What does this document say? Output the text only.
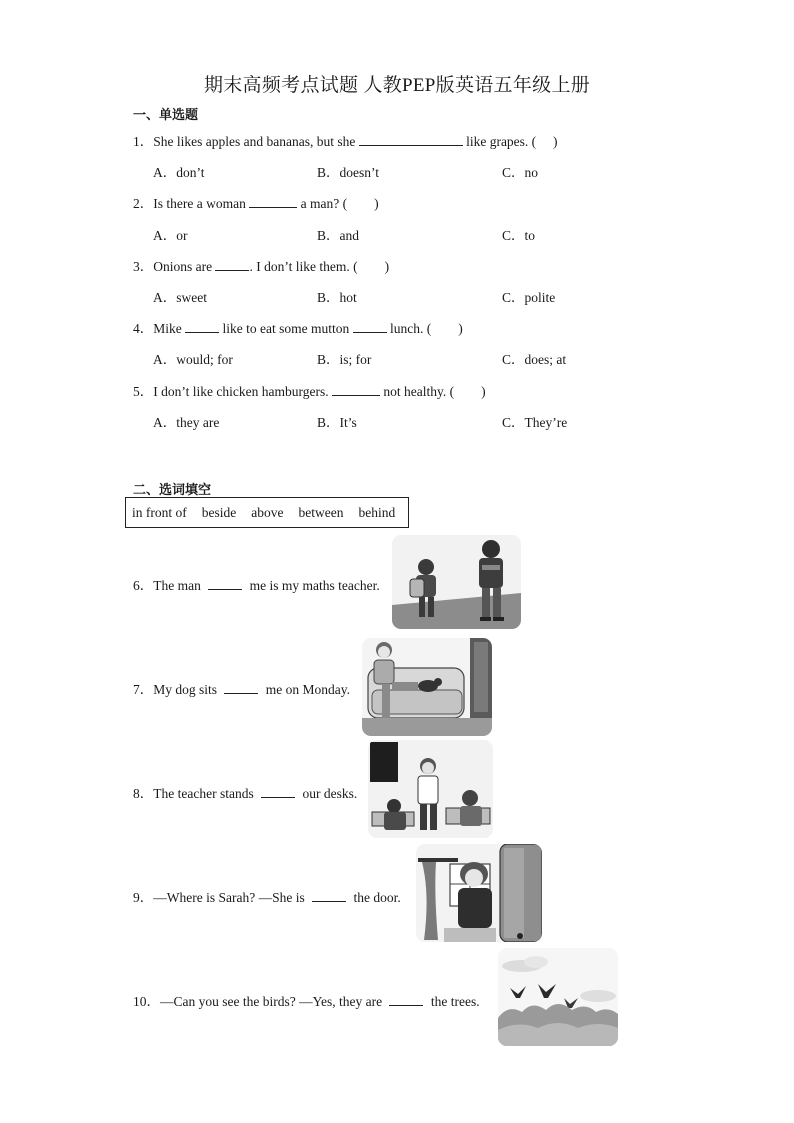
期末高频考点试题 人教PEP版英语五年级上册
一、单选题
1．She likes apples and bananas, but she	like grapes. (　 )
A．don’t	B．doesn’t	C．no
2．Is there a woman	a man? (　　)
A．or	B．and	C．to
3．Onions are	. I don’t like them. (　　)
A．sweet	B．hot	C．polite
4．Mike	like to eat some mutton	lunch. (　　)
A．would; for	B．is; for	C．does; at
5．I don’t like chicken hamburgers.	not healthy. (　　)
A．they are	B．It’s	C．They’re
二、选词填空
in front of beside above between behind
6．The man	me is my maths teacher.
7．My dog sits	me on Monday.
8．The teacher stands	our desks.
9．—Where is Sarah? —She is	the door.
10．—Can you see the birds? —Yes, they are	the trees.
